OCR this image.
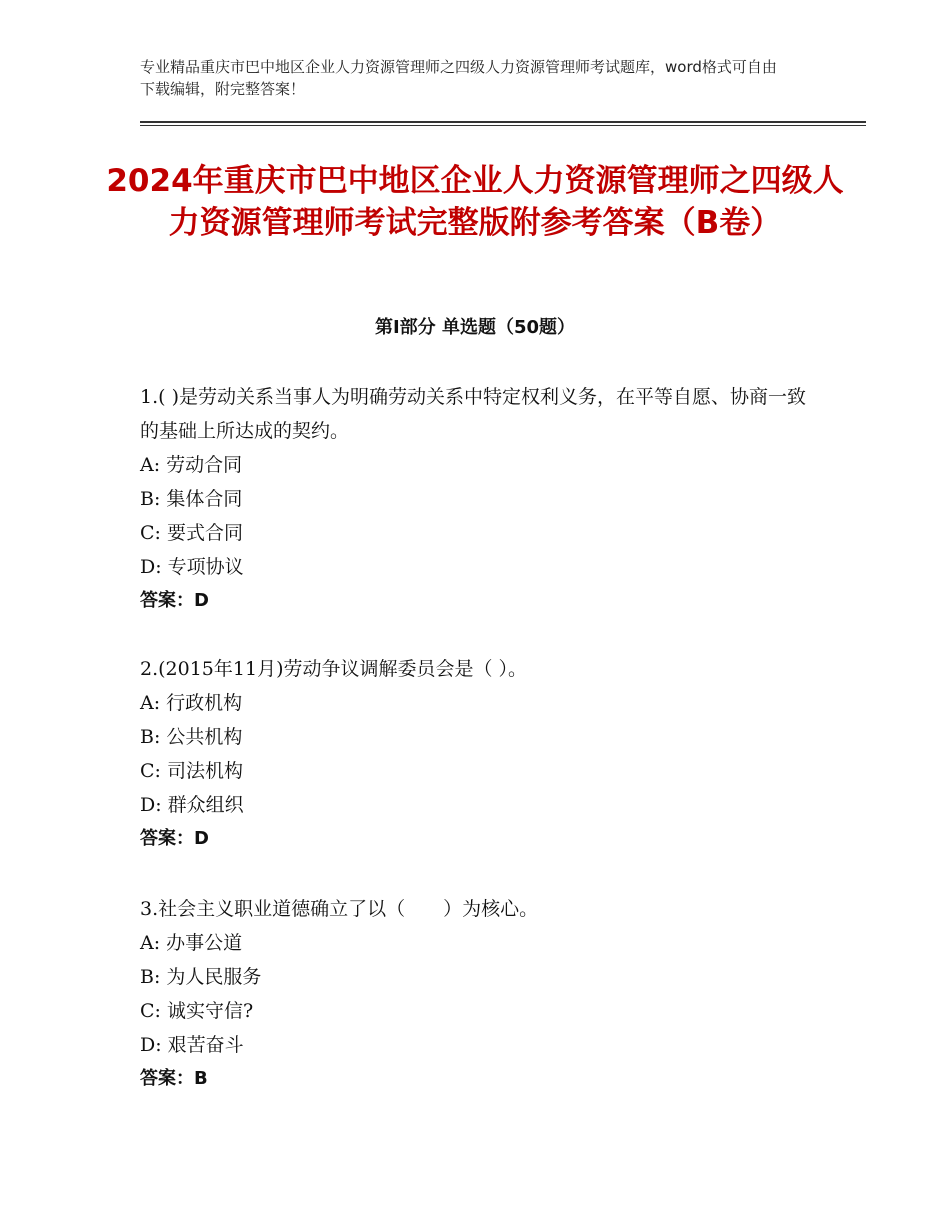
专业精品重庆市巴中地区企业人力资源管理师之四级人力资源管理师考试题库，word格式可自由下载编辑，附完整答案！
2024年重庆市巴中地区企业人力资源管理师之四级人力资源管理师考试完整版附参考答案（B卷）
第Ⅰ部分 单选题（50题）

1.( )是劳动关系当事人为明确劳动关系中特定权利义务，在平等自愿、协商一致的基础上所达成的契约。

A: 劳动合同

B: 集体合同

C: 要式合同

D: 专项协议

答案：D

2.(2015年11月)劳动争议调解委员会是（ ）。

A: 行政机构

B: 公共机构

C: 司法机构

D: 群众组织

答案：D

3.社会主义职业道德确立了以（　　）为核心。

A: 办事公道

B: 为人民服务

C: 诚实守信?

D: 艰苦奋斗

答案：B
